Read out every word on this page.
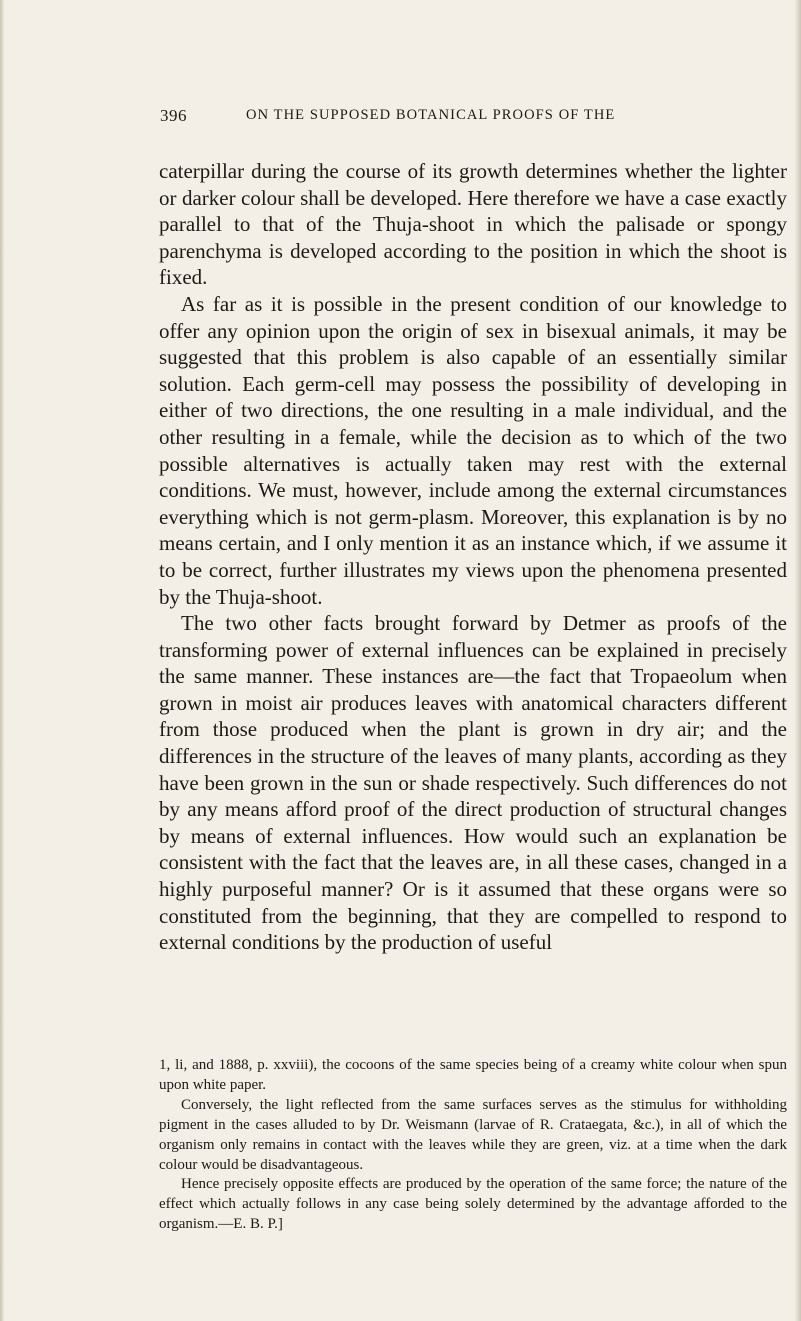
396	ON THE SUPPOSED BOTANICAL PROOFS OF THE

caterpillar during the course of its growth determines whether the lighter or darker colour shall be developed. Here therefore we have a case exactly parallel to that of the Thuja-shoot in which the palisade or spongy parenchyma is developed according to the position in which the shoot is fixed.

As far as it is possible in the present condition of our knowledge to offer any opinion upon the origin of sex in bisexual animals, it may be suggested that this problem is also capable of an essentially similar solution. Each germ-cell may possess the possibility of developing in either of two directions, the one resulting in a male individual, and the other resulting in a female, while the decision as to which of the two possible alternatives is actually taken may rest with the external conditions. We must, however, include among the external circumstances everything which is not germ-plasm. Moreover, this explanation is by no means certain, and I only mention it as an instance which, if we assume it to be correct, further illustrates my views upon the phenomena presented by the Thuja-shoot.

The two other facts brought forward by Detmer as proofs of the transforming power of external influences can be explained in precisely the same manner. These instances are—the fact that Tropaeolum when grown in moist air produces leaves with anatomical characters different from those produced when the plant is grown in dry air; and the differences in the structure of the leaves of many plants, according as they have been grown in the sun or shade respectively. Such differences do not by any means afford proof of the direct production of structural changes by means of external influences. How would such an explanation be consistent with the fact that the leaves are, in all these cases, changed in a highly purposeful manner? Or is it assumed that these organs were so constituted from the beginning, that they are compelled to respond to external conditions by the production of useful

1, li, and 1888, p. xxviii), the cocoons of the same species being of a creamy white colour when spun upon white paper.

Conversely, the light reflected from the same surfaces serves as the stimulus for withholding pigment in the cases alluded to by Dr. Weismann (larvae of R. Crataegata, &c.), in all of which the organism only remains in contact with the leaves while they are green, viz. at a time when the dark colour would be disadvantageous.

Hence precisely opposite effects are produced by the operation of the same force; the nature of the effect which actually follows in any case being solely determined by the advantage afforded to the organism.—E. B. P.]
